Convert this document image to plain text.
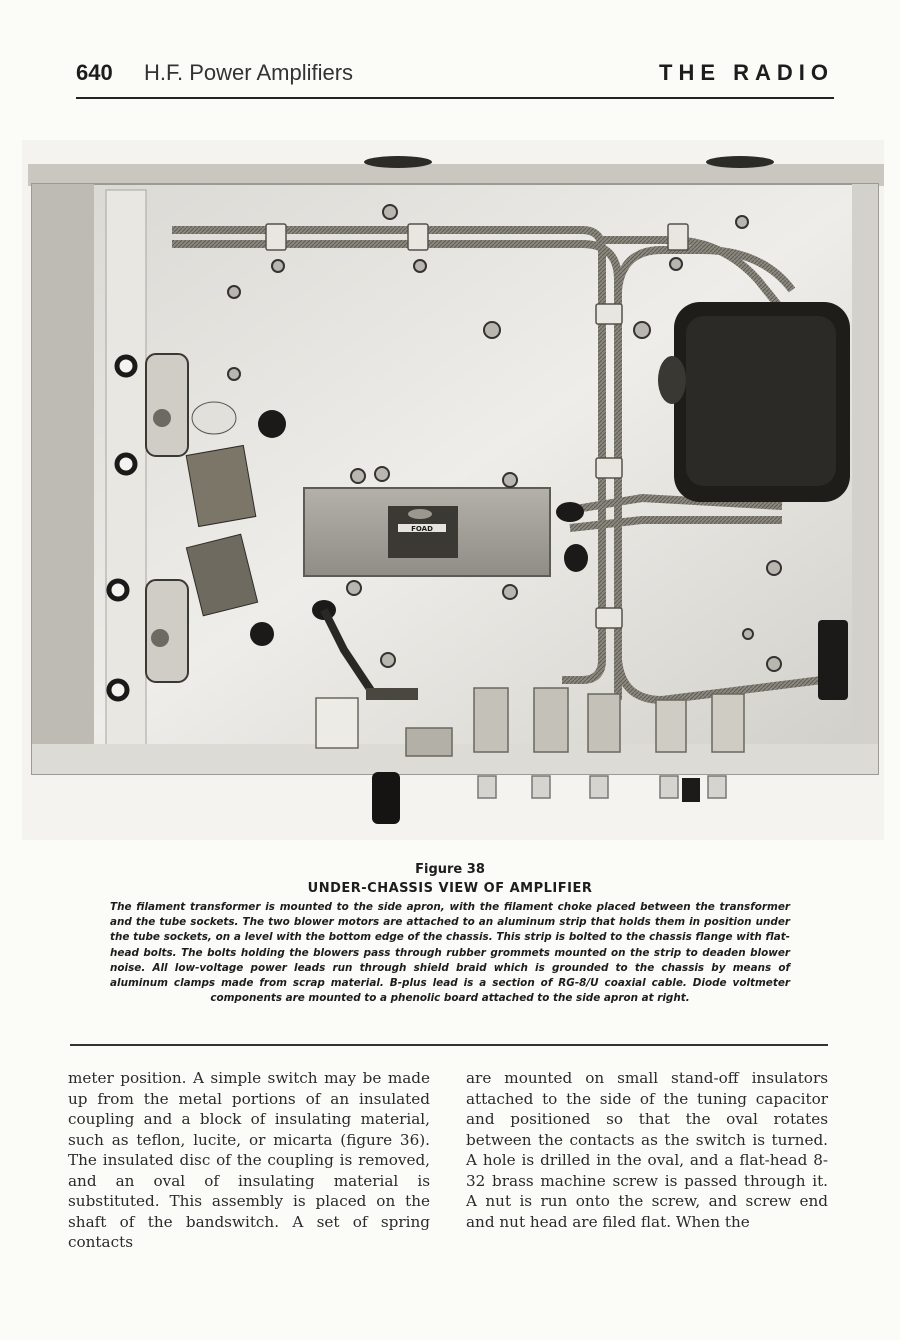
640 H.F. Power Amplifiers	THE RADIO
FOAD
Figure 38
UNDER-CHASSIS VIEW OF AMPLIFIER
The filament transformer is mounted to the side apron, with the filament choke placed between the transformer and the tube sockets. The two blower motors are attached to an aluminum strip that holds them in position under the tube sockets, on a level with the bottom edge of the chassis. This strip is bolted to the chassis flange with flat-head bolts. The bolts holding the blowers pass through rubber grommets mounted on the strip to deaden blower noise. All low-voltage power leads run through shield braid which is grounded to the chassis by means of aluminum clamps made from scrap material. B-plus lead is a section of RG-8/U coaxial cable. Diode voltmeter components are mounted to a phenolic board attached to the side apron at right.
meter position. A simple switch may be made up from the metal portions of an insulated coupling and a block of insulating material, such as teflon, lucite, or micarta (figure 36). The insulated disc of the coupling is removed, and an oval of insulating material is substituted. This assembly is placed on the shaft of the bandswitch. A set of spring contacts
are mounted on small stand-off insulators attached to the side of the tuning capacitor and positioned so that the oval rotates between the contacts as the switch is turned. A hole is drilled in the oval, and a flat-head 8-32 brass machine screw is passed through it. A nut is run onto the screw, and screw end and nut head are filed flat. When the
